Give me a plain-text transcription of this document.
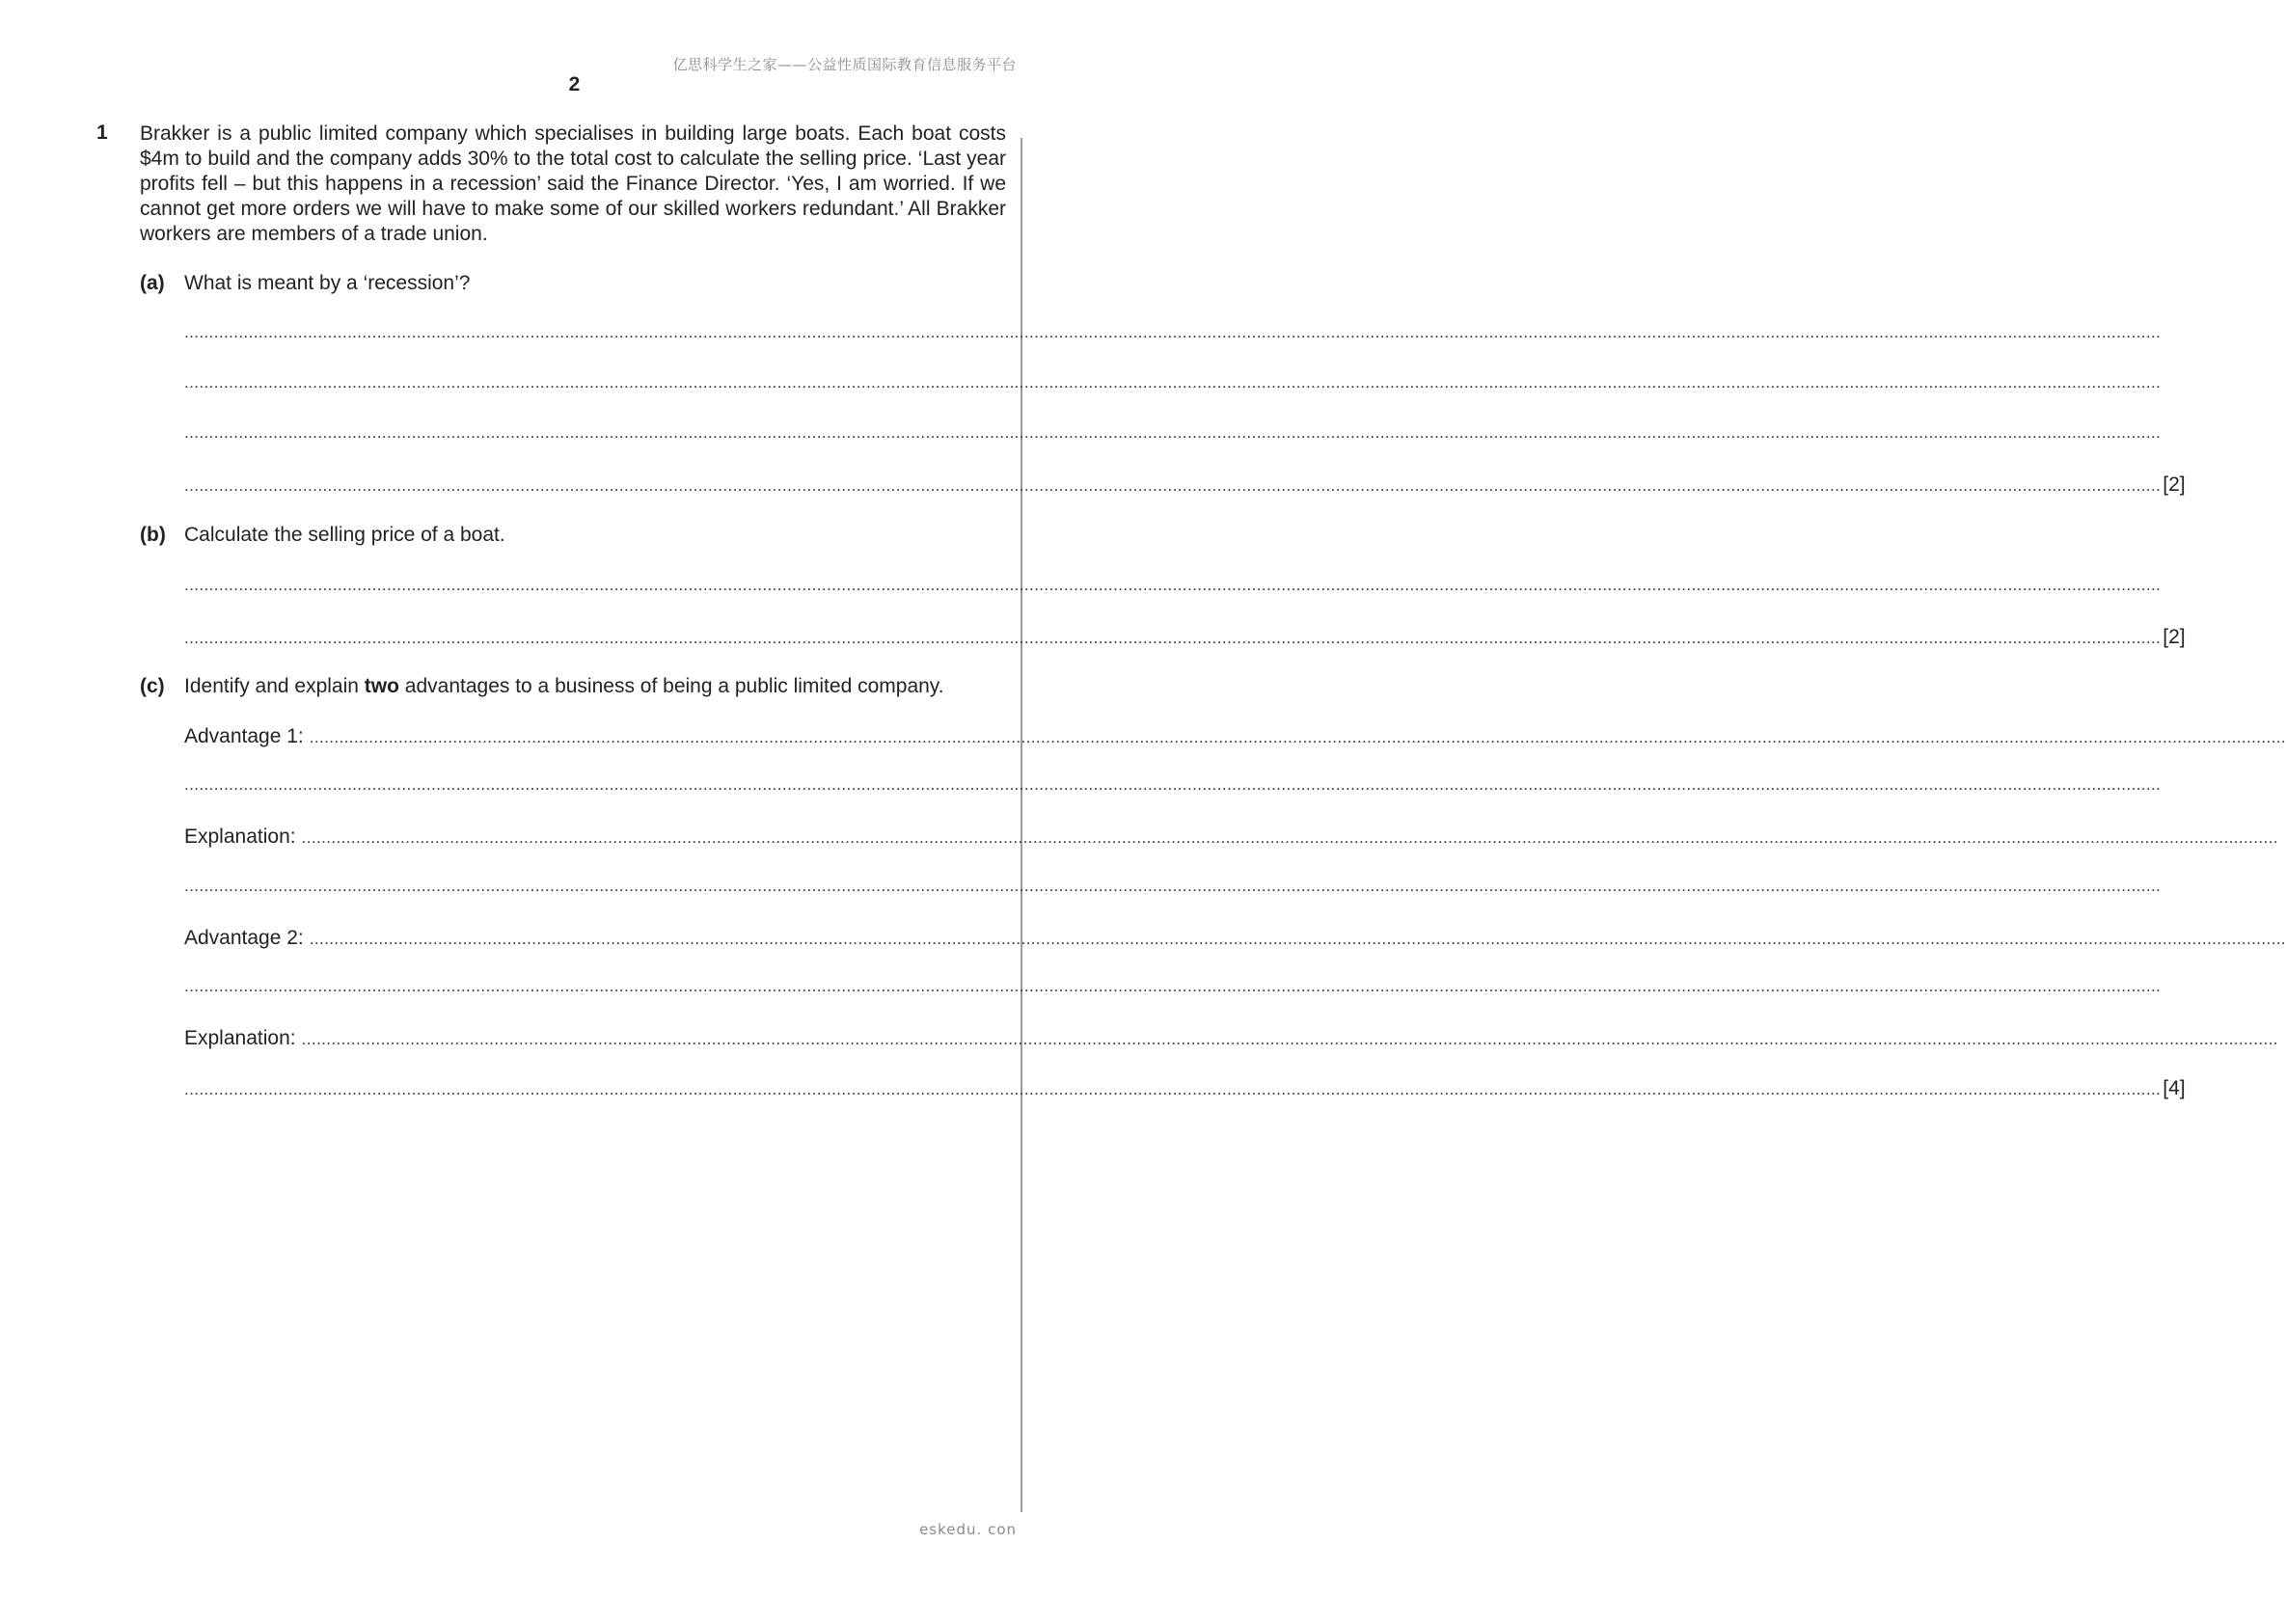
亿思科学生之家——公益性质国际教育信息服务平台
2
1 Brakker is a public limited company which specialises in building large boats. Each boat costs $4m to build and the company adds 30% to the total cost to calculate the selling price. ‘Last year profits fell – but this happens in a recession’ said the Finance Director. ‘Yes, I am worried. If we cannot get more orders we will have to make some of our skilled workers redundant.’ All Brakker workers are members of a trade union.
(a) What is meant by a ‘recession’?
................................................................................................................................................................................................................................................................................................................................................................................................................
................................................................................................................................................................................................................................................................................................................................................................................................................
................................................................................................................................................................................................................................................................................................................................................................................................................
................................................................................................................................................................................................................................................................................................................................................................................................................ [2]
(b) Calculate the selling price of a boat.
................................................................................................................................................................................................................................................................................................................................................................................................................
................................................................................................................................................................................................................................................................................................................................................................................................................ [2]
(c) Identify and explain two advantages to a business of being a public limited company.
Advantage 1: ................................................................................................................................................................................................................................................................................................................................................................................................................
................................................................................................................................................................................................................................................................................................................................................................................................................
Explanation: ................................................................................................................................................................................................................................................................................................................................................................................................................
................................................................................................................................................................................................................................................................................................................................................................................................................
Advantage 2: ................................................................................................................................................................................................................................................................................................................................................................................................................
................................................................................................................................................................................................................................................................................................................................................................................................................
Explanation: ................................................................................................................................................................................................................................................................................................................................................................................................................
................................................................................................................................................................................................................................................................................................................................................................................................................ [4]
eskedu. con
